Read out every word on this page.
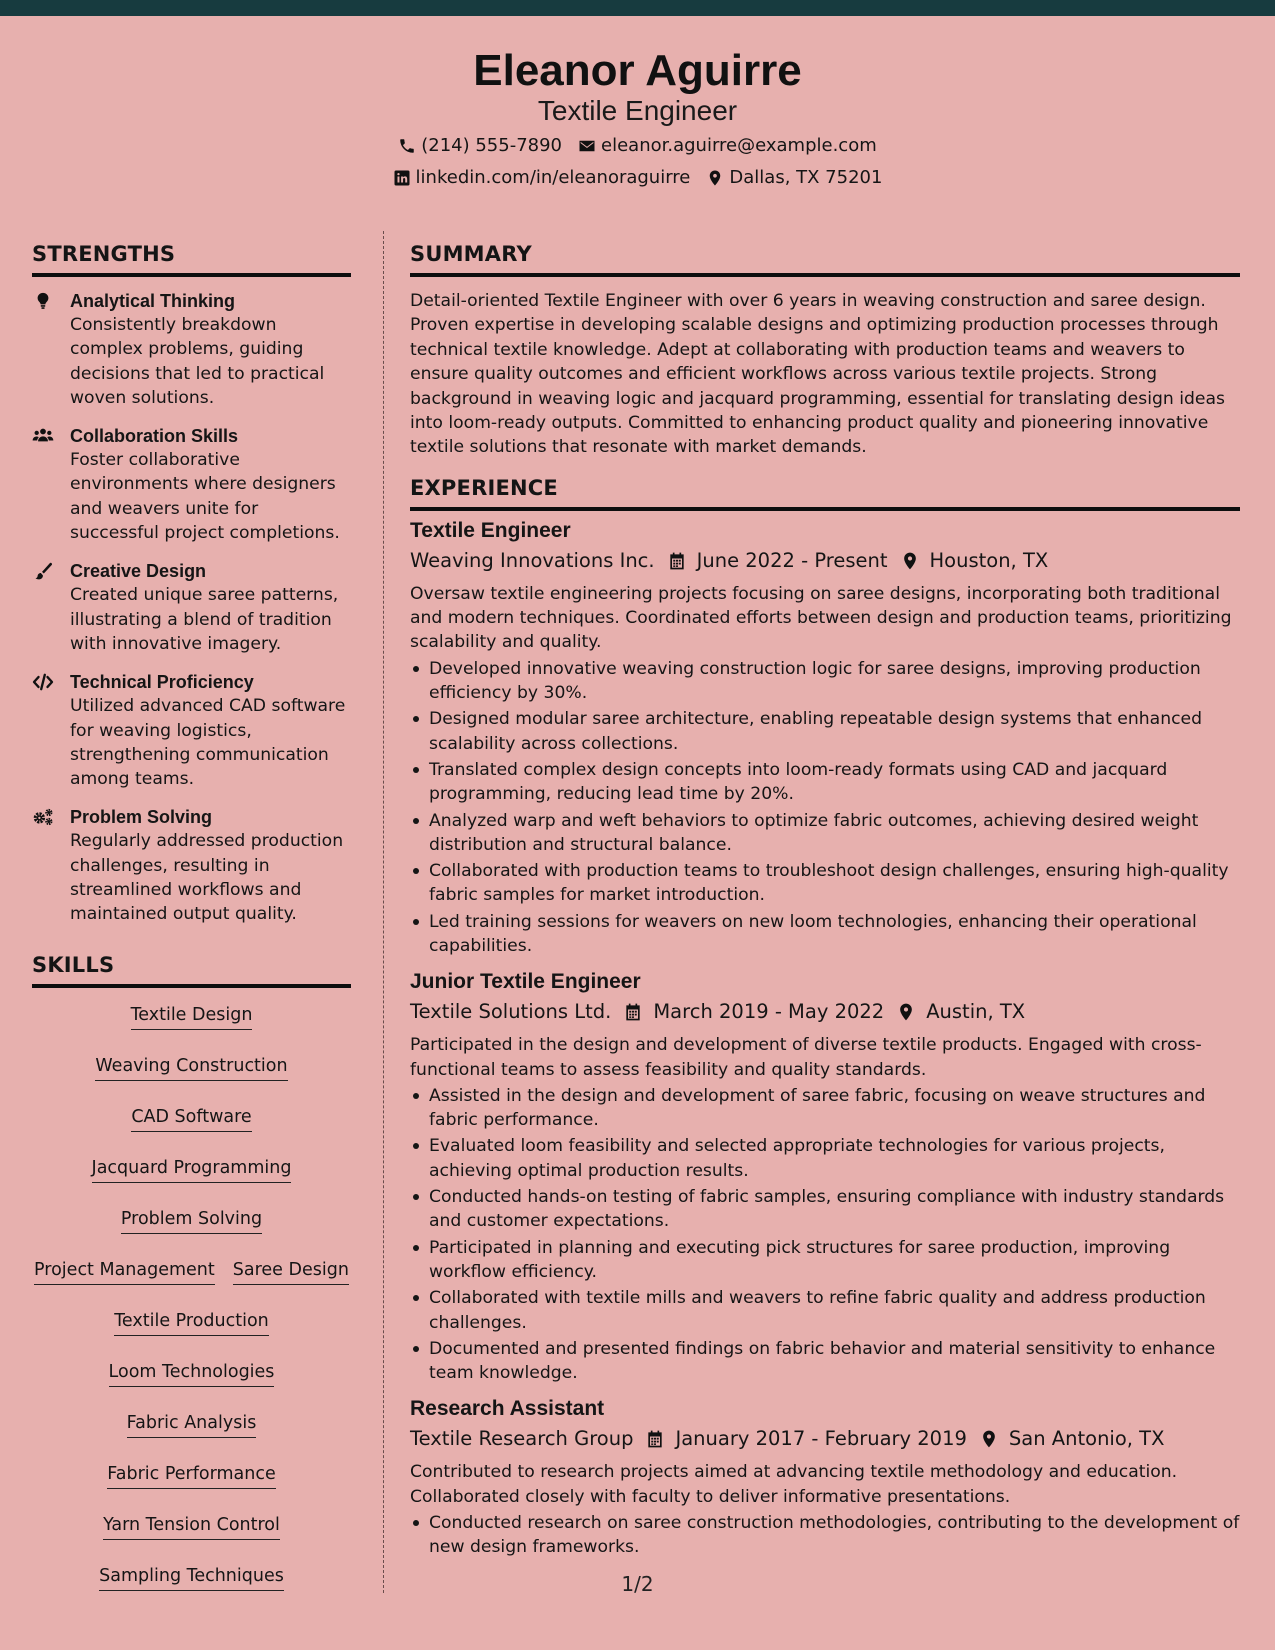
Eleanor Aguirre
Textile Engineer
(214) 555-7890 eleanor.aguirre@example.com
linkedin.com/in/eleanoraguirre Dallas, TX 75201
STRENGTHS
Analytical Thinking
Consistently breakdown complex problems, guiding decisions that led to practical woven solutions.
Collaboration Skills
Foster collaborative environments where designers and weavers unite for successful project completions.
Creative Design
Created unique saree patterns, illustrating a blend of tradition with innovative imagery.
Technical Proficiency
Utilized advanced CAD software for weaving logistics, strengthening communication among teams.
Problem Solving
Regularly addressed production challenges, resulting in streamlined workflows and maintained output quality.
SKILLS
Textile Design
Weaving Construction
CAD Software
Jacquard Programming
Problem Solving
Project Management Saree Design
Textile Production
Loom Technologies
Fabric Analysis
Fabric Performance
Yarn Tension Control
Sampling Techniques
SUMMARY

Detail-oriented Textile Engineer with over 6 years in weaving construction and saree design. Proven expertise in developing scalable designs and optimizing production processes through technical textile knowledge. Adept at collaborating with production teams and weavers to ensure quality outcomes and efficient workflows across various textile projects. Strong background in weaving logic and jacquard programming, essential for translating design ideas into loom-ready outputs. Committed to enhancing product quality and pioneering innovative textile solutions that resonate with market demands.

EXPERIENCE
Textile Engineer
Weaving Innovations Inc. June 2022 - Present Houston, TX

Oversaw textile engineering projects focusing on saree designs, incorporating both traditional and modern techniques. Coordinated efforts between design and production teams, prioritizing scalability and quality.

Developed innovative weaving construction logic for saree designs, improving production efficiency by 30%.
Designed modular saree architecture, enabling repeatable design systems that enhanced scalability across collections.
Translated complex design concepts into loom-ready formats using CAD and jacquard programming, reducing lead time by 20%.
Analyzed warp and weft behaviors to optimize fabric outcomes, achieving desired weight distribution and structural balance.
Collaborated with production teams to troubleshoot design challenges, ensuring high-quality fabric samples for market introduction.
Led training sessions for weavers on new loom technologies, enhancing their operational capabilities.
Junior Textile Engineer
Textile Solutions Ltd. March 2019 - May 2022 Austin, TX

Participated in the design and development of diverse textile products. Engaged with cross-functional teams to assess feasibility and quality standards.

Assisted in the design and development of saree fabric, focusing on weave structures and fabric performance.
Evaluated loom feasibility and selected appropriate technologies for various projects, achieving optimal production results.
Conducted hands-on testing of fabric samples, ensuring compliance with industry standards and customer expectations.
Participated in planning and executing pick structures for saree production, improving workflow efficiency.
Collaborated with textile mills and weavers to refine fabric quality and address production challenges.
Documented and presented findings on fabric behavior and material sensitivity to enhance team knowledge.
Research Assistant
Textile Research Group January 2017 - February 2019 San Antonio, TX

Contributed to research projects aimed at advancing textile methodology and education. Collaborated closely with faculty to deliver informative presentations.

Conducted research on saree construction methodologies, contributing to the development of new design frameworks.
1/2
